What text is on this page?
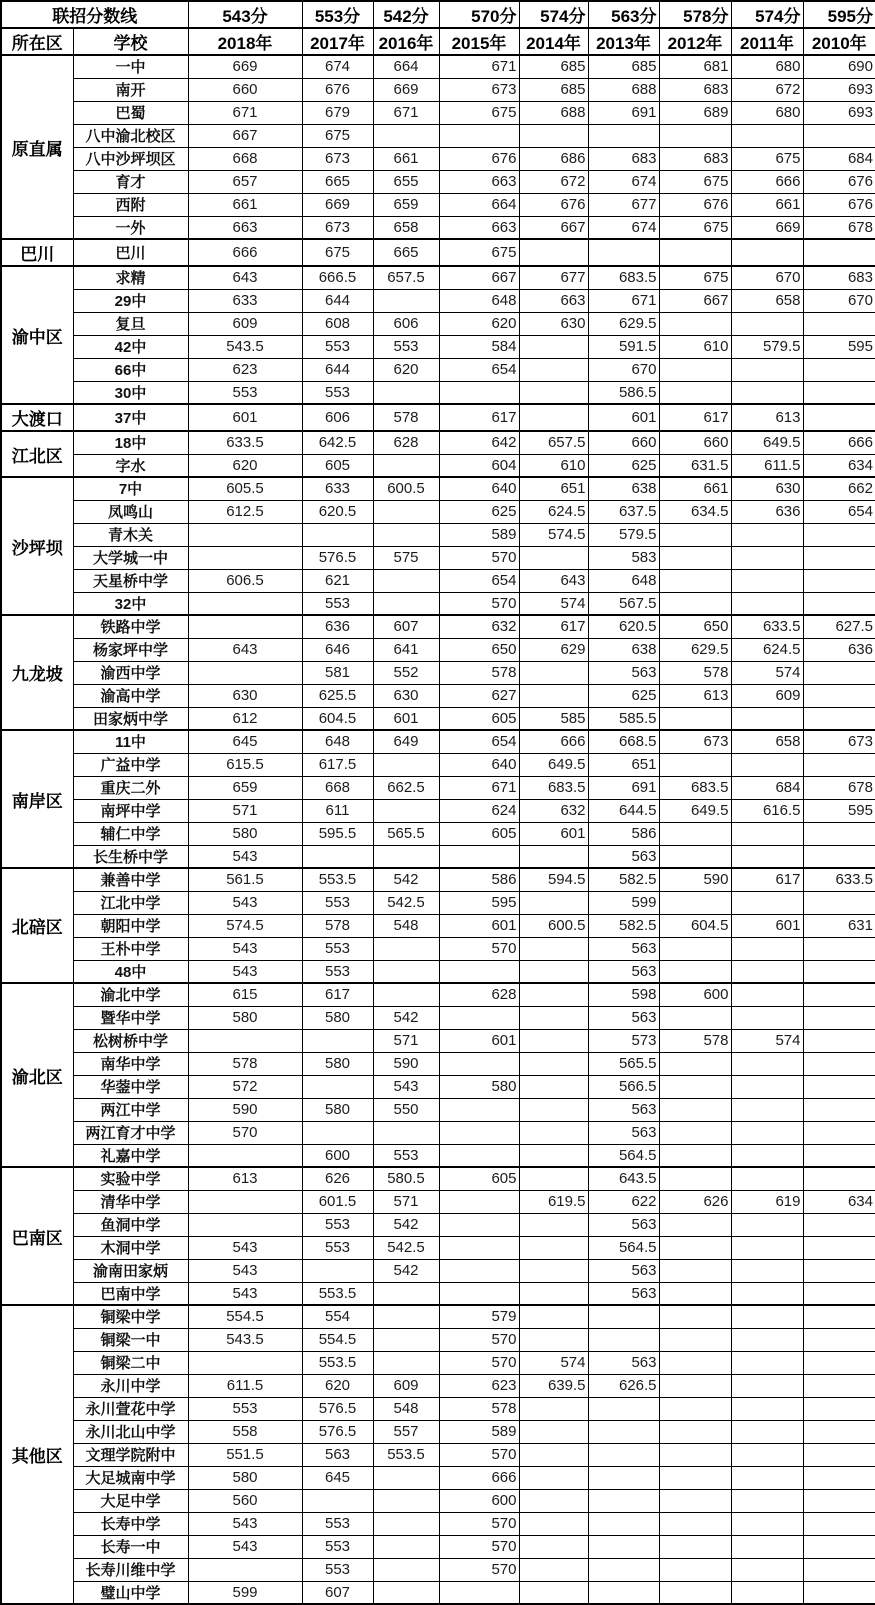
联招分数线		543分	553分	542分	570分	574分	563分	578分	574分	595分
所在区	学校	2018年	2017年	2016年	2015年	2014年	2013年	2012年	2011年	2010年
原直属	一中	669	674	664	671	685	685	681	680	690
	南开	660	676	669	673	685	688	683	672	693
	巴蜀	671	679	671	675	688	691	689	680	693
	八中渝北校区	667	675							
	八中沙坪坝区	668	673	661	676	686	683	683	675	684
	育才	657	665	655	663	672	674	675	666	676
	西附	661	669	659	664	676	677	676	661	676
	一外	663	673	658	663	667	674	675	669	678
巴川	巴川	666	675	665	675					
渝中区	求精	643	666.5	657.5	667	677	683.5	675	670	683
	29中	633	644		648	663	671	667	658	670
	复旦	609	608	606	620	630	629.5			
	42中	543.5	553	553	584		591.5	610	579.5	595
	66中	623	644	620	654		670			
	30中	553	553				586.5			
大渡口	37中	601	606	578	617		601	617	613	
江北区	18中	633.5	642.5	628	642	657.5	660	660	649.5	666
	字水	620	605		604	610	625	631.5	611.5	634
沙坪坝	7中	605.5	633	600.5	640	651	638	661	630	662
	凤鸣山	612.5	620.5		625	624.5	637.5	634.5	636	654
	青木关				589	574.5	579.5			
	大学城一中		576.5	575	570		583			
	天星桥中学	606.5	621		654	643	648			
	32中		553		570	574	567.5			
九龙坡	铁路中学		636	607	632	617	620.5	650	633.5	627.5
	杨家坪中学	643	646	641	650	629	638	629.5	624.5	636
	渝西中学		581	552	578		563	578	574	
	渝高中学	630	625.5	630	627		625	613	609	
	田家炳中学	612	604.5	601	605	585	585.5			
南岸区	11中	645	648	649	654	666	668.5	673	658	673
	广益中学	615.5	617.5		640	649.5	651			
	重庆二外	659	668	662.5	671	683.5	691	683.5	684	678
	南坪中学	571	611		624	632	644.5	649.5	616.5	595
	辅仁中学	580	595.5	565.5	605	601	586			
	长生桥中学	543					563			
北碚区	兼善中学	561.5	553.5	542	586	594.5	582.5	590	617	633.5
	江北中学	543	553	542.5	595		599			
	朝阳中学	574.5	578	548	601	600.5	582.5	604.5	601	631
	王朴中学	543	553		570		563			
	48中	543	553				563			
渝北区	渝北中学	615	617		628		598	600		
	暨华中学	580	580	542			563			
	松树桥中学			571	601		573	578	574	
	南华中学	578	580	590			565.5			
	华蓥中学	572		543	580		566.5			
	两江中学	590	580	550			563			
	两江育才中学	570					563			
	礼嘉中学		600	553			564.5			
巴南区	实验中学	613	626	580.5	605		643.5			
	清华中学		601.5	571		619.5	622	626	619	634
	鱼洞中学		553	542			563			
	木洞中学	543	553	542.5			564.5			
	渝南田家炳	543		542			563			
	巴南中学	543	553.5				563			
其他区	铜梁中学	554.5	554		579					
	铜梁一中	543.5	554.5		570					
	铜梁二中		553.5		570	574	563			
	永川中学	611.5	620	609	623	639.5	626.5			
	永川萱花中学	553	576.5	548	578					
	永川北山中学	558	576.5	557	589					
	文理学院附中	551.5	563	553.5	570					
	大足城南中学	580	645		666					
	大足中学	560			600					
	长寿中学	543	553		570					
	长寿一中	543	553		570					
	长寿川维中学		553		570					
	璧山中学	599	607							
